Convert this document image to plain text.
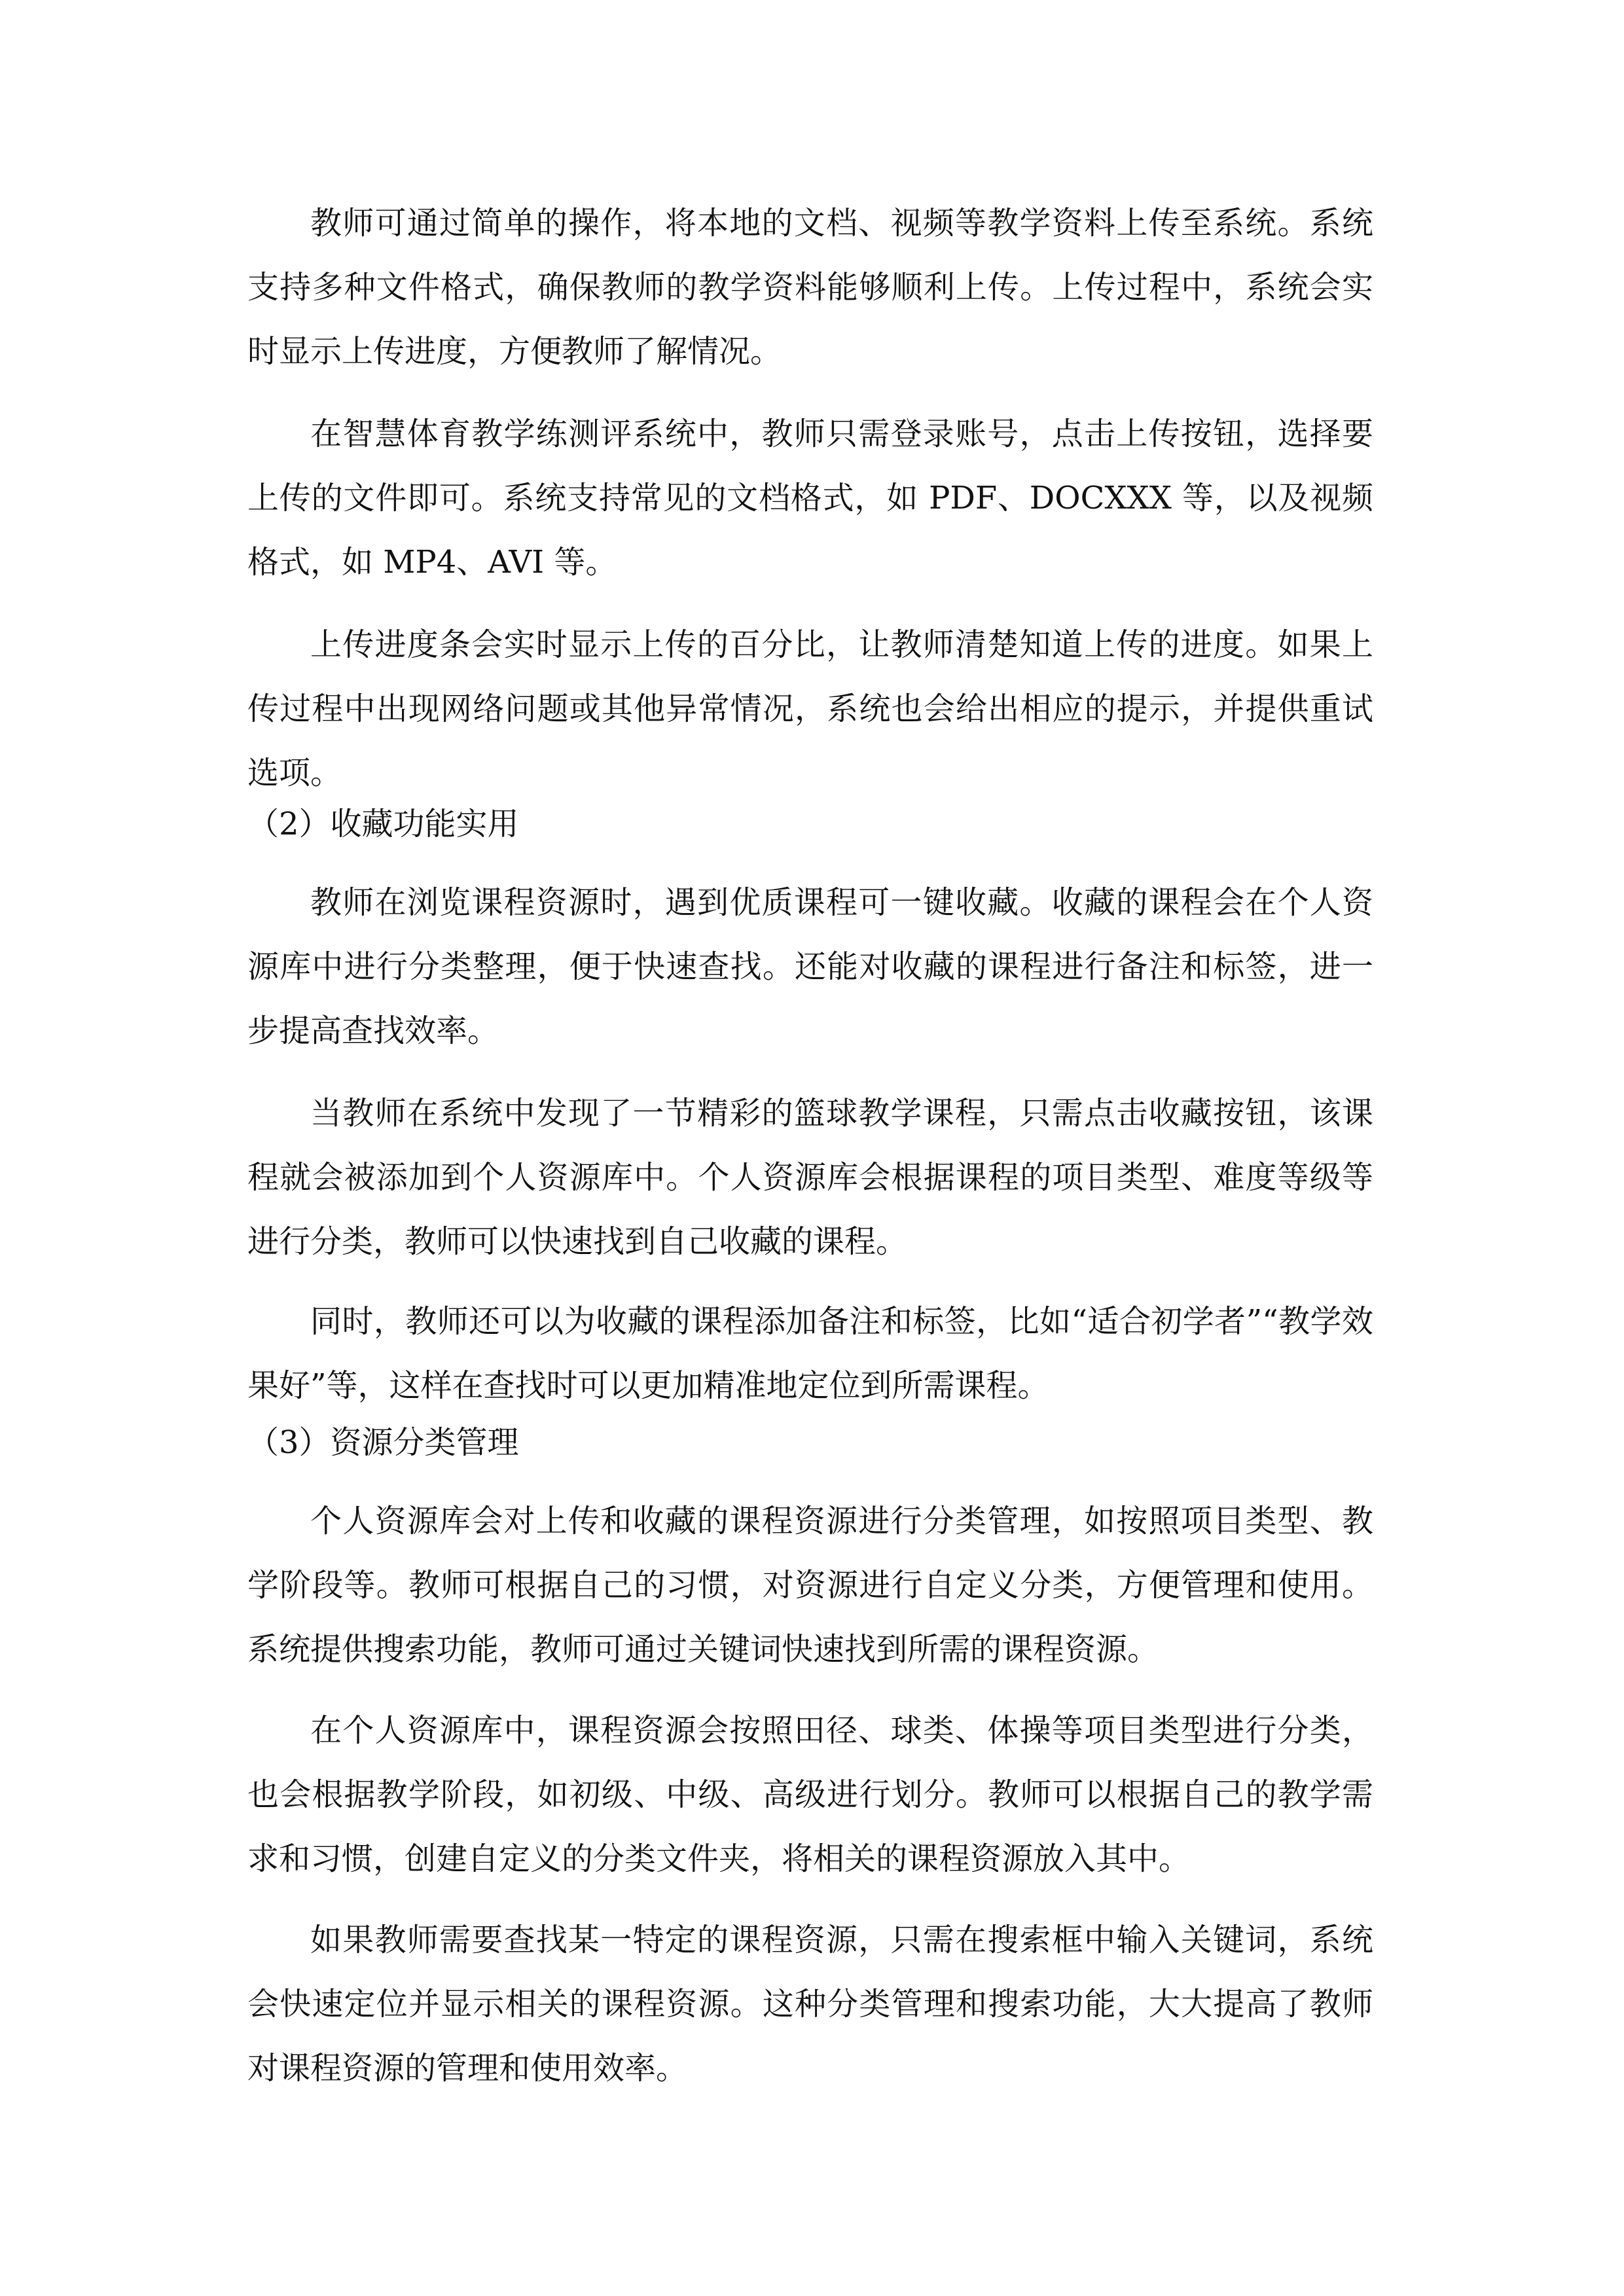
教师可通过简单的操作，将本地的文档、视频等教学资料上传至系统。系统支持多种文件格式，确保教师的教学资料能够顺利上传。上传过程中，系统会实时显示上传进度，方便教师了解情况。

在智慧体育教学练测评系统中，教师只需登录账号，点击上传按钮，选择要上传的文件即可。系统支持常见的文档格式，如 PDF、DOCXXX 等，以及视频格式，如 MP4、AVI 等。

上传进度条会实时显示上传的百分比，让教师清楚知道上传的进度。如果上传过程中出现网络问题或其他异常情况，系统也会给出相应的提示，并提供重试选项。

（2）收藏功能实用

教师在浏览课程资源时，遇到优质课程可一键收藏。收藏的课程会在个人资源库中进行分类整理，便于快速查找。还能对收藏的课程进行备注和标签，进一步提高查找效率。

当教师在系统中发现了一节精彩的篮球教学课程，只需点击收藏按钮，该课程就会被添加到个人资源库中。个人资源库会根据课程的项目类型、难度等级等进行分类，教师可以快速找到自己收藏的课程。

同时，教师还可以为收藏的课程添加备注和标签，比如“适合初学者”“教学效果好”等，这样在查找时可以更加精准地定位到所需课程。

（3）资源分类管理

个人资源库会对上传和收藏的课程资源进行分类管理，如按照项目类型、教学阶段等。教师可根据自己的习惯，对资源进行自定义分类，方便管理和使用。系统提供搜索功能，教师可通过关键词快速找到所需的课程资源。

在个人资源库中，课程资源会按照田径、球类、体操等项目类型进行分类，也会根据教学阶段，如初级、中级、高级进行划分。教师可以根据自己的教学需求和习惯，创建自定义的分类文件夹，将相关的课程资源放入其中。

如果教师需要查找某一特定的课程资源，只需在搜索框中输入关键词，系统会快速定位并显示相关的课程资源。这种分类管理和搜索功能，大大提高了教师对课程资源的管理和使用效率。
